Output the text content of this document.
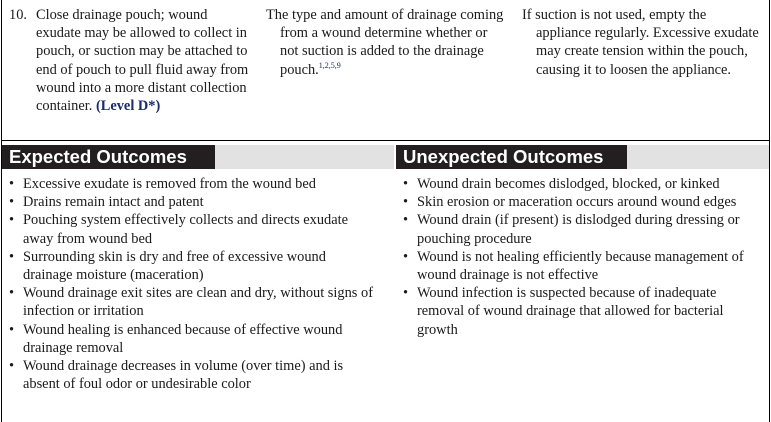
10. Close drainage pouch; wound exudate may be allowed to collect in pouch, or suction may be attached to end of pouch to pull fluid away from wound into a more distant collection container. (Level D*)
The type and amount of drainage coming from a wound determine whether or not suction is added to the drainage pouch.$^{1,2,5,9}$
If suction is not used, empty the appliance regularly. Excessive exudate may create tension within the pouch, causing it to loosen the appliance.
Expected Outcomes	Unexpected Outcomes
• Excessive exudate is removed from the wound bed
• Drains remain intact and patent
• Pouching system effectively collects and directs exudate away from wound bed
• Surrounding skin is dry and free of excessive wound drainage moisture (maceration)
• Wound drainage exit sites are clean and dry, without signs of infection or irritation
• Wound healing is enhanced because of effective wound drainage removal
• Wound drainage decreases in volume (over time) and is absent of foul odor or undesirable color
• Wound drain becomes dislodged, blocked, or kinked
• Skin erosion or maceration occurs around wound edges
• Wound drain (if present) is dislodged during dressing or pouching procedure
• Wound is not healing efficiently because management of wound drainage is not effective
• Wound infection is suspected because of inadequate removal of wound drainage that allowed for bacterial growth
